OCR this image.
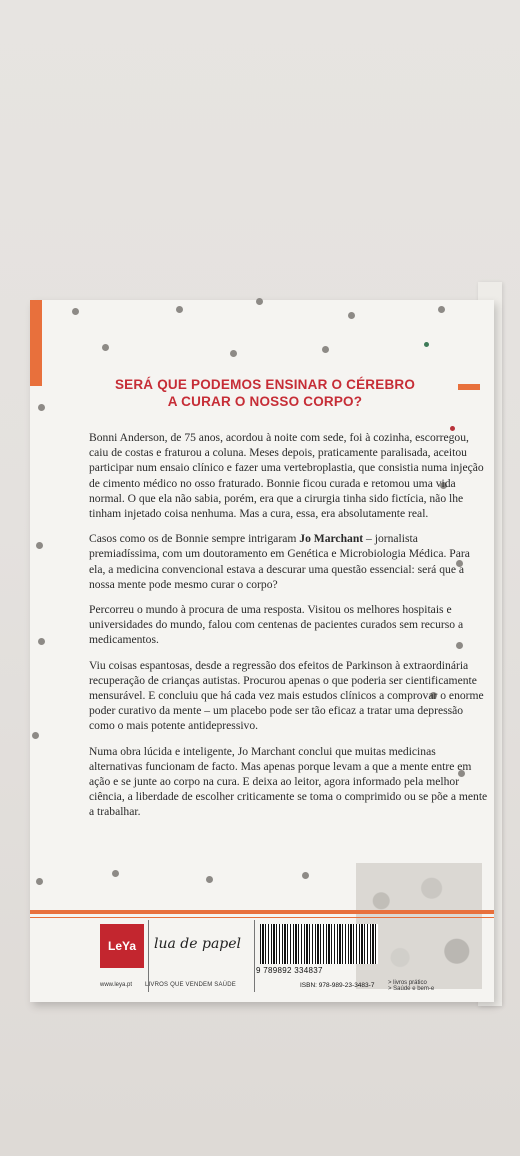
SERÁ QUE PODEMOS ENSINAR O CÉREBRO
A CURAR O NOSSO CORPO?

Bonni Anderson, de 75 anos, acordou à noite com sede, foi à cozinha, escorregou, caiu de costas e fraturou a coluna. Meses depois, praticamente paralisada, aceitou participar num ensaio clínico e fazer uma vertebroplastia, que consistia numa injeção de cimento médico no osso fraturado. Bonnie ficou curada e retomou uma vida normal. O que ela não sabia, porém, era que a cirurgia tinha sido fictícia, não lhe tinham injetado coisa nenhuma. Mas a cura, essa, era absolutamente real.

Casos como os de Bonnie sempre intrigaram Jo Marchant – jornalista premiadíssima, com um doutoramento em Genética e Microbiologia Médica. Para ela, a medicina convencional estava a descurar uma questão essencial: será que a nossa mente pode mesmo curar o corpo?

Percorreu o mundo à procura de uma resposta. Visitou os melhores hospitais e universidades do mundo, falou com centenas de pacientes curados sem recurso a medicamentos.

Viu coisas espantosas, desde a regressão dos efeitos de Parkinson à extraordinária recuperação de crianças autistas. Procurou apenas o que poderia ser cientificamente mensurável. E concluiu que há cada vez mais estudos clínicos a comprovar o enorme poder curativo da mente – um placebo pode ser tão eficaz a tratar uma depressão como o mais potente antidepressivo.

Numa obra lúcida e inteligente, Jo Marchant conclui que muitas medicinas alternativas funcionam de facto. Mas apenas porque levam a que a mente entre em ação e se junte ao corpo na cura. E deixa ao leitor, agora informado pela melhor ciência, a liberdade de escolher criticamente se toma o comprimido ou se põe a mente a trabalhar.

LeYa
www.leya.pt
lua de papel
LIVROS QUE VENDEM SAÚDE
9 789892 334837
ISBN: 978-989-23-3483-7 > livros prático
> Saúde e bem-e
